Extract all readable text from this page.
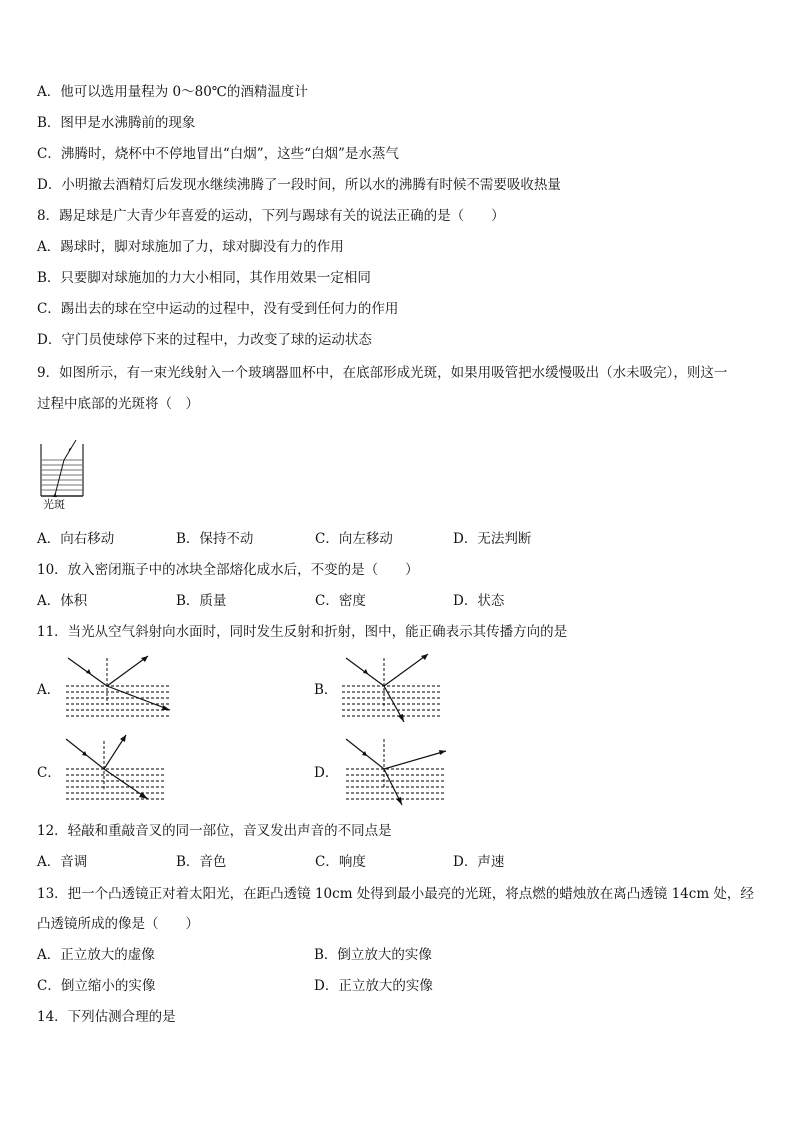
A．他可以选用量程为 0～80℃的酒精温度计
B．图甲是水沸腾前的现象
C．沸腾时，烧杯中不停地冒出“白烟”，这些“白烟”是水蒸气
D．小明撤去酒精灯后发现水继续沸腾了一段时间，所以水的沸腾有时候不需要吸收热量
8．踢足球是广大青少年喜爱的运动，下列与踢球有关的说法正确的是（　　）
A．踢球时，脚对球施加了力，球对脚没有力的作用
B．只要脚对球施加的力大小相同，其作用效果一定相同
C．踢出去的球在空中运动的过程中，没有受到任何力的作用
D．守门员使球停下来的过程中，力改变了球的运动状态
9．如图所示，有一束光线射入一个玻璃器皿杯中，在底部形成光斑，如果用吸管把水缓慢吸出（水未吸完），则这一
过程中底部的光斑将（　）
光斑
A．向右移动	B．保持不动	C．向左移动	D．无法判断
10．放入密闭瓶子中的冰块全部熔化成水后，不变的是（　　）
A．体积	B．质量	C．密度	D．状态
11．当光从空气斜射向水面时，同时发生反射和折射，图中，能正确表示其传播方向的是
A．	B．
C．	D．
12．轻敲和重敲音叉的同一部位，音叉发出声音的不同点是
A．音调	B．音色	C．响度	D．声速
13．把一个凸透镜正对着太阳光，在距凸透镜 10cm 处得到最小最亮的光斑，将点燃的蜡烛放在离凸透镜 14cm 处，经
凸透镜所成的像是（　　）
A．正立放大的虚像	B．倒立放大的实像
C．倒立缩小的实像	D．正立放大的实像
14．下列估测合理的是
